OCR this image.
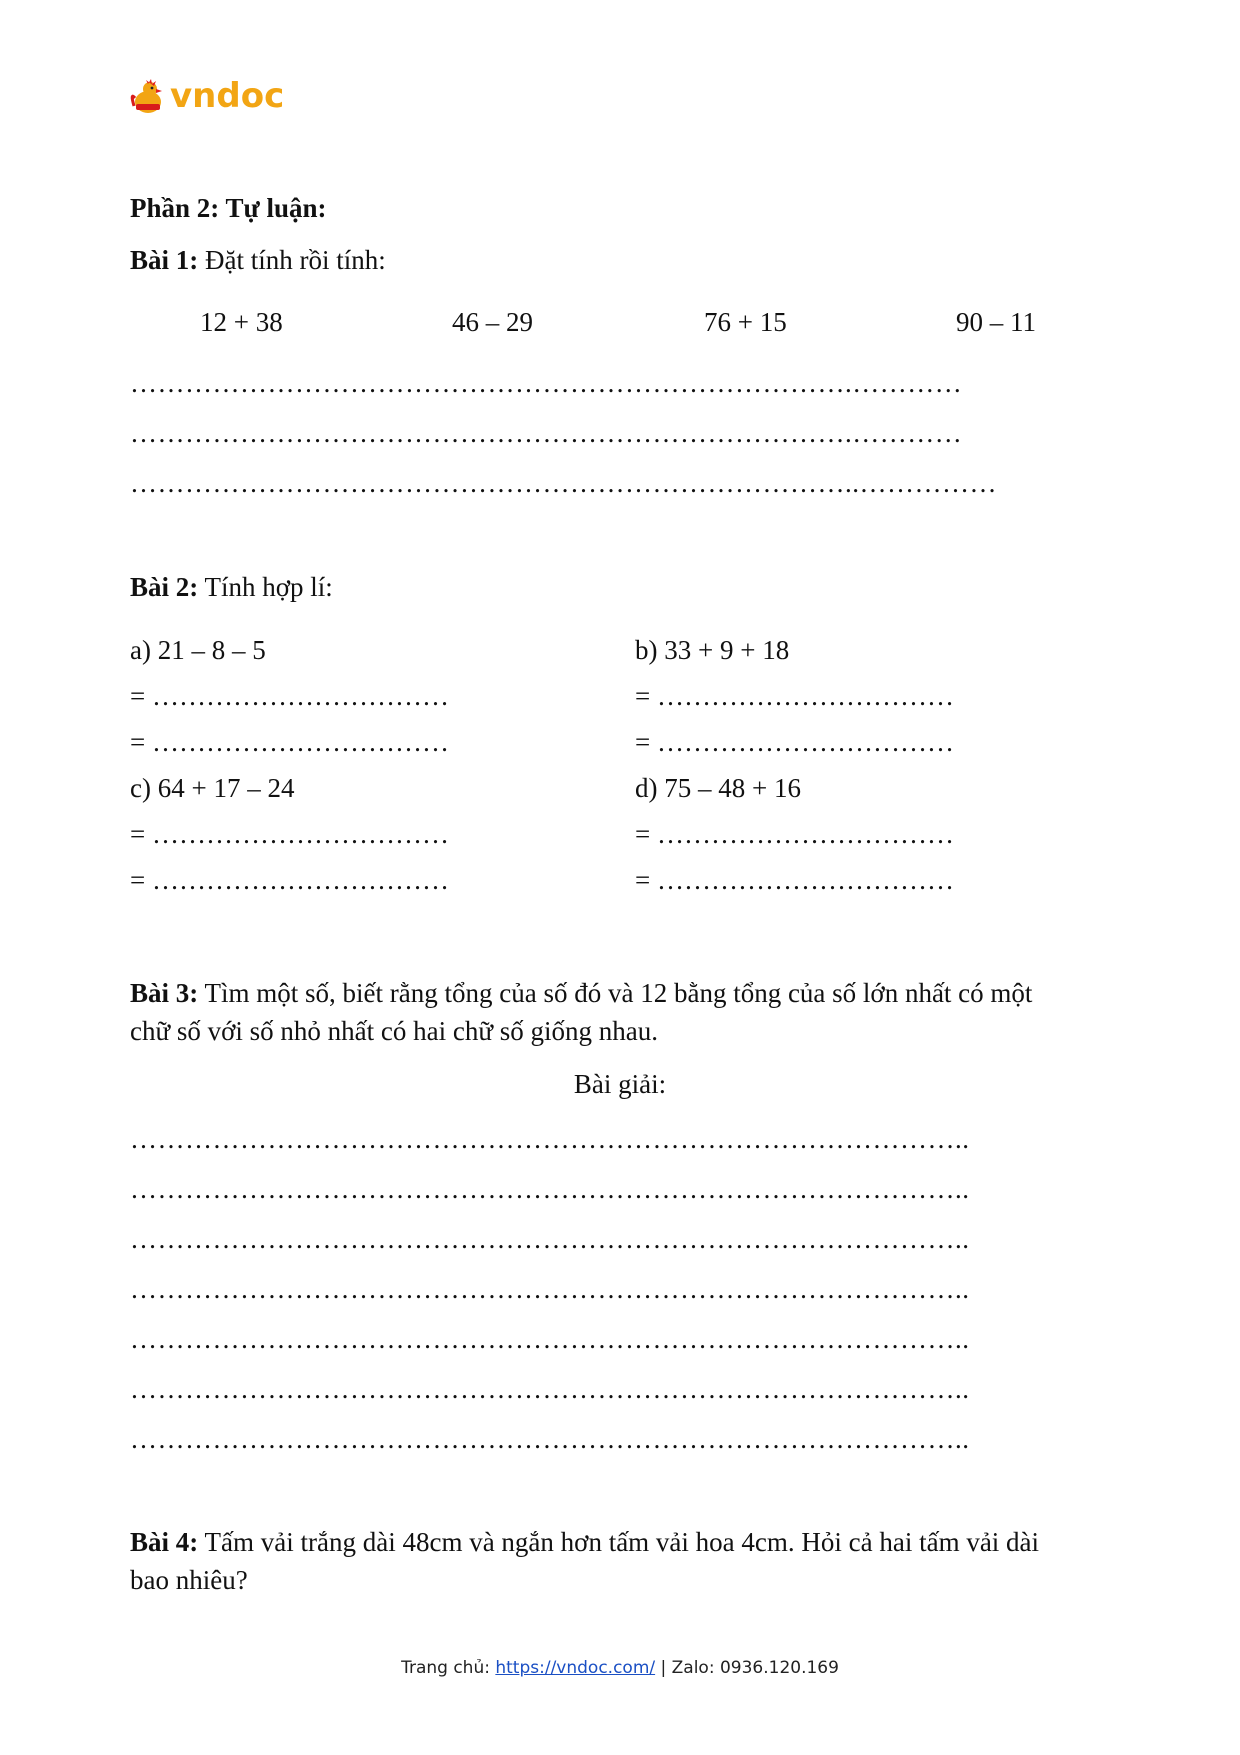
vndoc
Phần 2: Tự luận:
Bài 1: Đặt tính rồi tính:
12 + 38	46 – 29	76 + 15	90 – 11
…………………………………………………………………….…………
…………………………………………………………………….…………
……………………………………………………………………..……………
Bài 2: Tính hợp lí:
a) 21 – 8 – 5
= ……………………………
= ……………………………
b) 33 + 9 + 18
= ……………………………
= ……………………………
c) 64 + 17 – 24
= ……………………………
= ……………………………
d) 75 – 48 + 16
= ……………………………
= ……………………………
Bài 3: Tìm một số, biết rằng tổng của số đó và 12 bằng tổng của số lớn nhất có một
chữ số với số nhỏ nhất có hai chữ số giống nhau.
Bài giải:
………………………………………………………………………………..
………………………………………………………………………………..
………………………………………………………………………………..
………………………………………………………………………………..
………………………………………………………………………………..
………………………………………………………………………………..
………………………………………………………………………………..
Bài 4: Tấm vải trắng dài 48cm và ngắn hơn tấm vải hoa 4cm. Hỏi cả hai tấm vải dài
bao nhiêu?
Trang chủ: https://vndoc.com/ | Zalo: 0936.120.169
